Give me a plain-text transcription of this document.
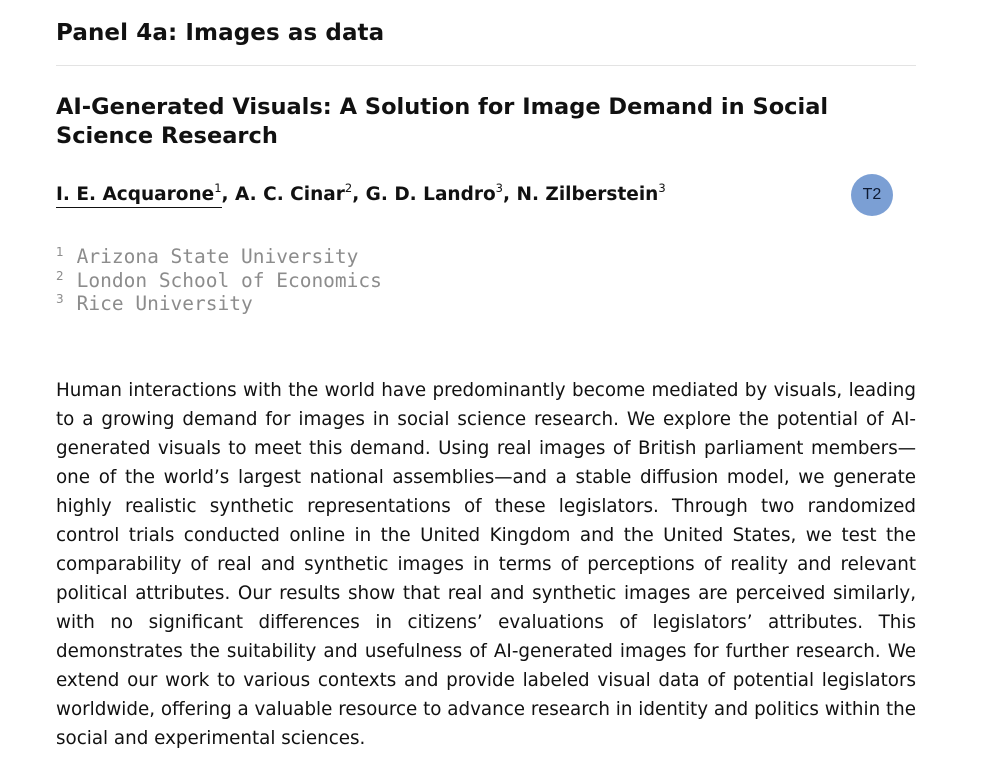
Panel 4a: Images as data
AI-Generated Visuals: A Solution for Image Demand in Social Science Research
I. E. Acquarone$^1$, A. C. Cinar$^2$, G. D. Landro$^3$, N. Zilberstein$^3$	T2
$^1$ Arizona State University
$^2$ London School of Economics
$^3$ Rice University

Human interactions with the world have predominantly become mediated by visuals, leading to a growing demand for images in social science research. We explore the potential of AI-generated visuals to meet this demand. Using real images of British parliament members—one of the world’s largest national assemblies—and a stable diffusion model, we generate highly realistic synthetic representations of these legislators. Through two randomized control trials conducted online in the United Kingdom and the United States, we test the comparability of real and synthetic images in terms of perceptions of reality and relevant political attributes. Our results show that real and synthetic images are perceived similarly, with no significant differences in citizens’ evaluations of legislators’ attributes. This demonstrates the suitability and usefulness of AI-generated images for further research. We extend our work to various contexts and provide labeled visual data of potential legislators worldwide, offering a valuable resource to advance research in identity and politics within the social and experimental sciences.
